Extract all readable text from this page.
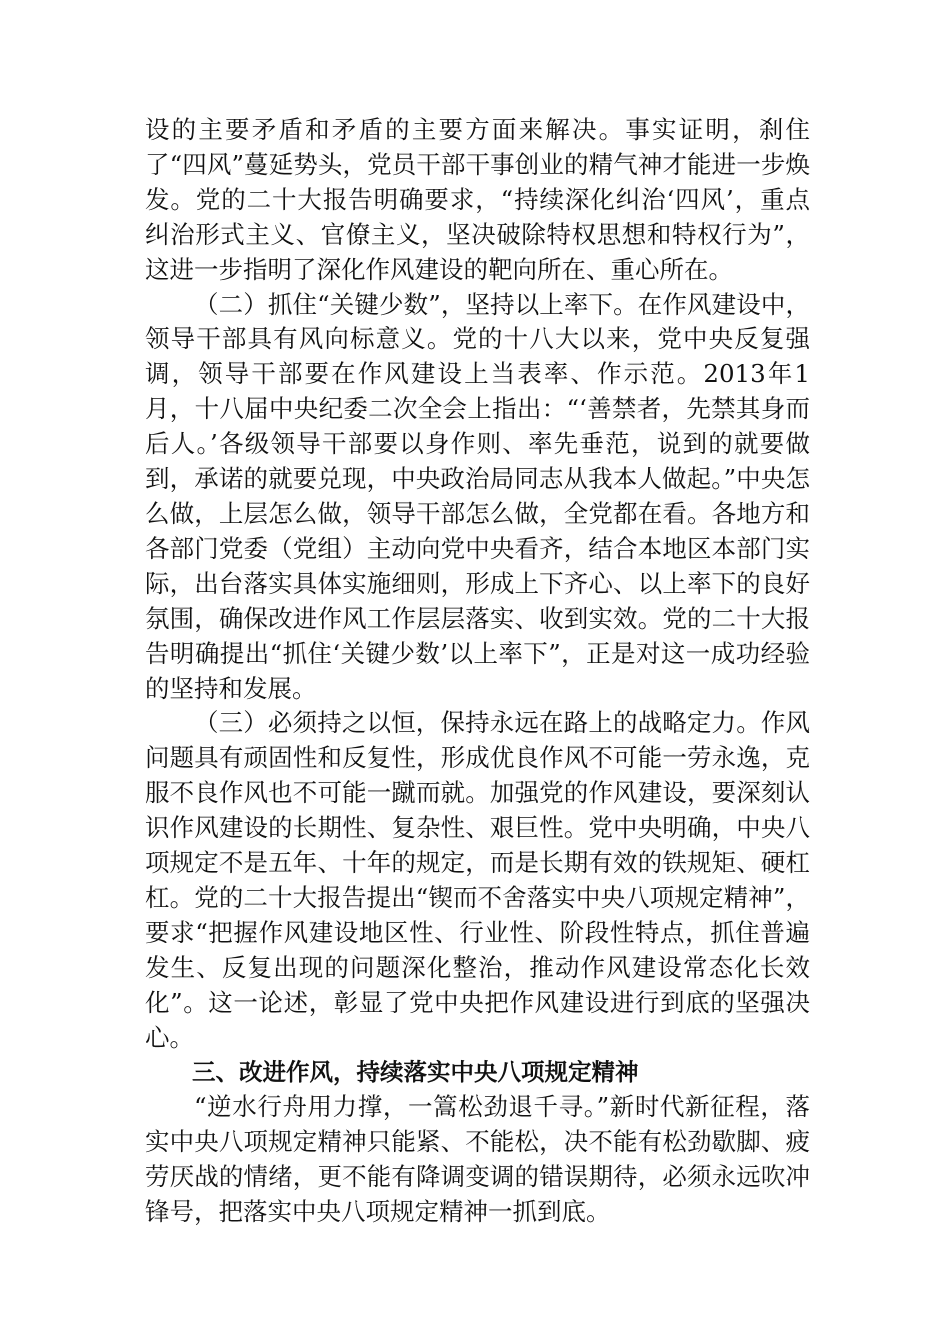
设的主要矛盾和矛盾的主要方面来解决。事实证明，刹住了“四风”蔓延势头，党员干部干事创业的精气神才能进一步焕发。党的二十大报告明确要求，“持续深化纠治‘四风’，重点纠治形式主义、官僚主义，坚决破除特权思想和特权行为”，这进一步指明了深化作风建设的靶向所在、重心所在。

（二）抓住“关键少数”，坚持以上率下。在作风建设中，领导干部具有风向标意义。党的十八大以来，党中央反复强调，领导干部要在作风建设上当表率、作示范。2013年1月，十八届中央纪委二次全会上指出：“‘善禁者，先禁其身而后人。’各级领导干部要以身作则、率先垂范，说到的就要做到，承诺的就要兑现，中央政治局同志从我本人做起。”中央怎么做，上层怎么做，领导干部怎么做，全党都在看。各地方和各部门党委（党组）主动向党中央看齐，结合本地区本部门实际，出台落实具体实施细则，形成上下齐心、以上率下的良好氛围，确保改进作风工作层层落实、收到实效。党的二十大报告明确提出“抓住‘关键少数’以上率下”，正是对这一成功经验的坚持和发展。

（三）必须持之以恒，保持永远在路上的战略定力。作风问题具有顽固性和反复性，形成优良作风不可能一劳永逸，克服不良作风也不可能一蹴而就。加强党的作风建设，要深刻认识作风建设的长期性、复杂性、艰巨性。党中央明确，中央八项规定不是五年、十年的规定，而是长期有效的铁规矩、硬杠杠。党的二十大报告提出“锲而不舍落实中央八项规定精神”，要求“把握作风建设地区性、行业性、阶段性特点，抓住普遍发生、反复出现的问题深化整治，推动作风建设常态化长效化”。这一论述，彰显了党中央把作风建设进行到底的坚强决心。

三、改进作风，持续落实中央八项规定精神

“逆水行舟用力撑，一篙松劲退千寻。”新时代新征程，落实中央八项规定精神只能紧、不能松，决不能有松劲歇脚、疲劳厌战的情绪，更不能有降调变调的错误期待，必须永远吹冲锋号，把落实中央八项规定精神一抓到底。
